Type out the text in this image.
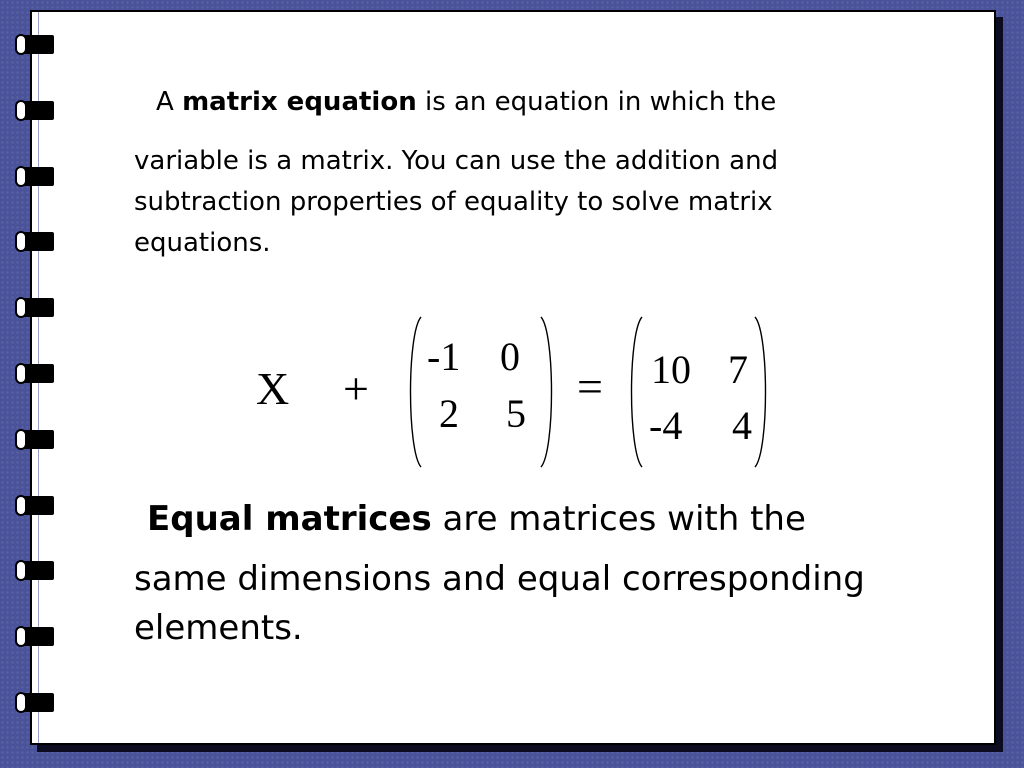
A matrix equation is an equation in which the
variable is a matrix. You can use the addition and
subtraction properties of equality to solve matrix
equations.
X +
-1 0
2 5
= 10 7
-4 4
Equal matrices are matrices with the
same dimensions and equal corresponding
elements.
